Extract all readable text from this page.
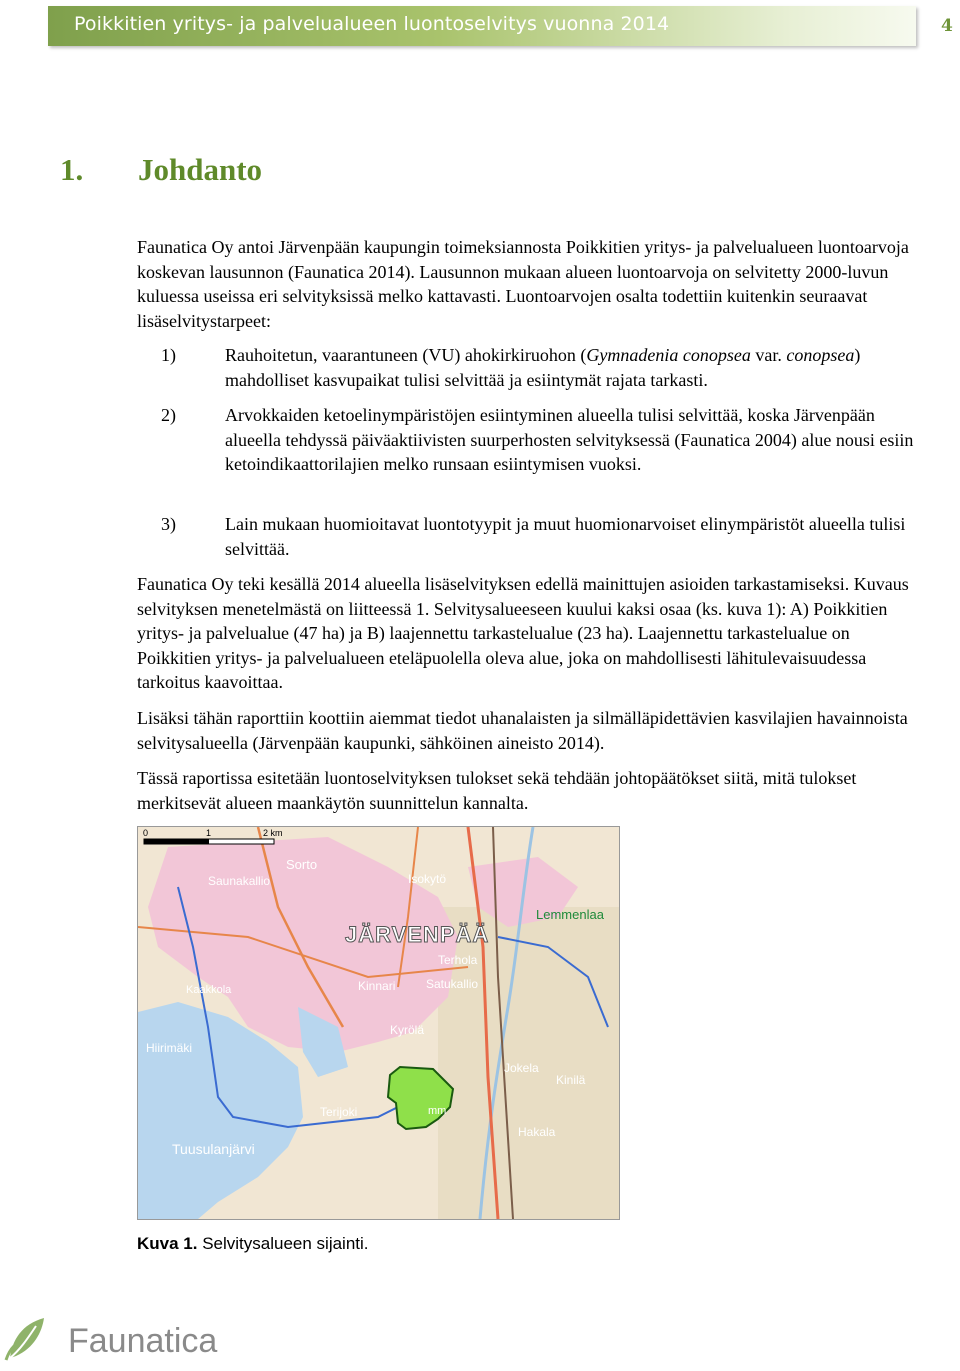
Poikkitien yritys- ja palvelualueen luontoselvitys vuonna 2014	4
1. Johdanto

Faunatica Oy antoi Järvenpään kaupungin toimeksiannosta Poikkitien yritys- ja palvelualueen luontoarvoja koskevan lausunnon (Faunatica 2014). Lausunnon mukaan alueen luontoarvoja on selvitetty 2000-luvun kuluessa useissa eri selvityksissä melko kattavasti. Luontoarvojen osalta todettiin kuitenkin seuraavat lisäselvitystarpeet:

1)	Rauhoitetun, vaarantuneen (VU) ahokirkiruohon (Gymnadenia conopsea var. conopsea) mahdolliset kasvupaikat tulisi selvittää ja esiintymät rajata tarkasti.
2)	Arvokkaiden ketoelinympäristöjen esiintyminen alueella tulisi selvittää, koska Järvenpään alueella tehdyssä päiväaktiivisten suurperhosten selvityksessä (Faunatica 2004) alue nousi esiin ketoindikaattorilajien melko runsaan esiintymisen vuoksi.
3)	Lain mukaan huomioitavat luontotyypit ja muut huomionarvoiset elinympäristöt alueella tulisi selvittää.

Faunatica Oy teki kesällä 2014 alueella lisäselvityksen edellä mainittujen asioiden tarkastamiseksi. Kuvaus selvityksen menetelmästä on liitteessä 1. Selvitysalueeseen kuului kaksi osaa (ks. kuva 1): A) Poikkitien yritys- ja palvelualue (47 ha) ja B) laajennettu tarkastelualue (23 ha). Laajennettu tarkastelualue on Poikkitien yritys- ja palvelualueen eteläpuolella oleva alue, joka on mahdollisesti lähitulevaisuudessa tarkoitus kaavoittaa.

Lisäksi tähän raporttiin koottiin aiemmat tiedot uhanalaisten ja silmälläpidettävien kasvilajien havainnoista selvitysalueella (Järvenpään kaupunki, sähköinen aineisto 2014).

Tässä raportissa esitetään luontoselvityksen tulokset sekä tehdään johtopäätökset siitä, mitä tulokset merkitsevät alueen maankäytön suunnittelun kannalta.

0	1	2 km
Sorto
Saunakallio	Isokytö
Lemmenlaa
JÄRVENPÄÄ
Terhola
Kaakkola	Kinnari	Satukallio
Kyrölä
Hiirimäki
Jokela
Kinilä
Terijoki
Tuusulanjärvi
Hakala
mm
Kuva 1. Selvitysalueen sijainti.
Faunatica
